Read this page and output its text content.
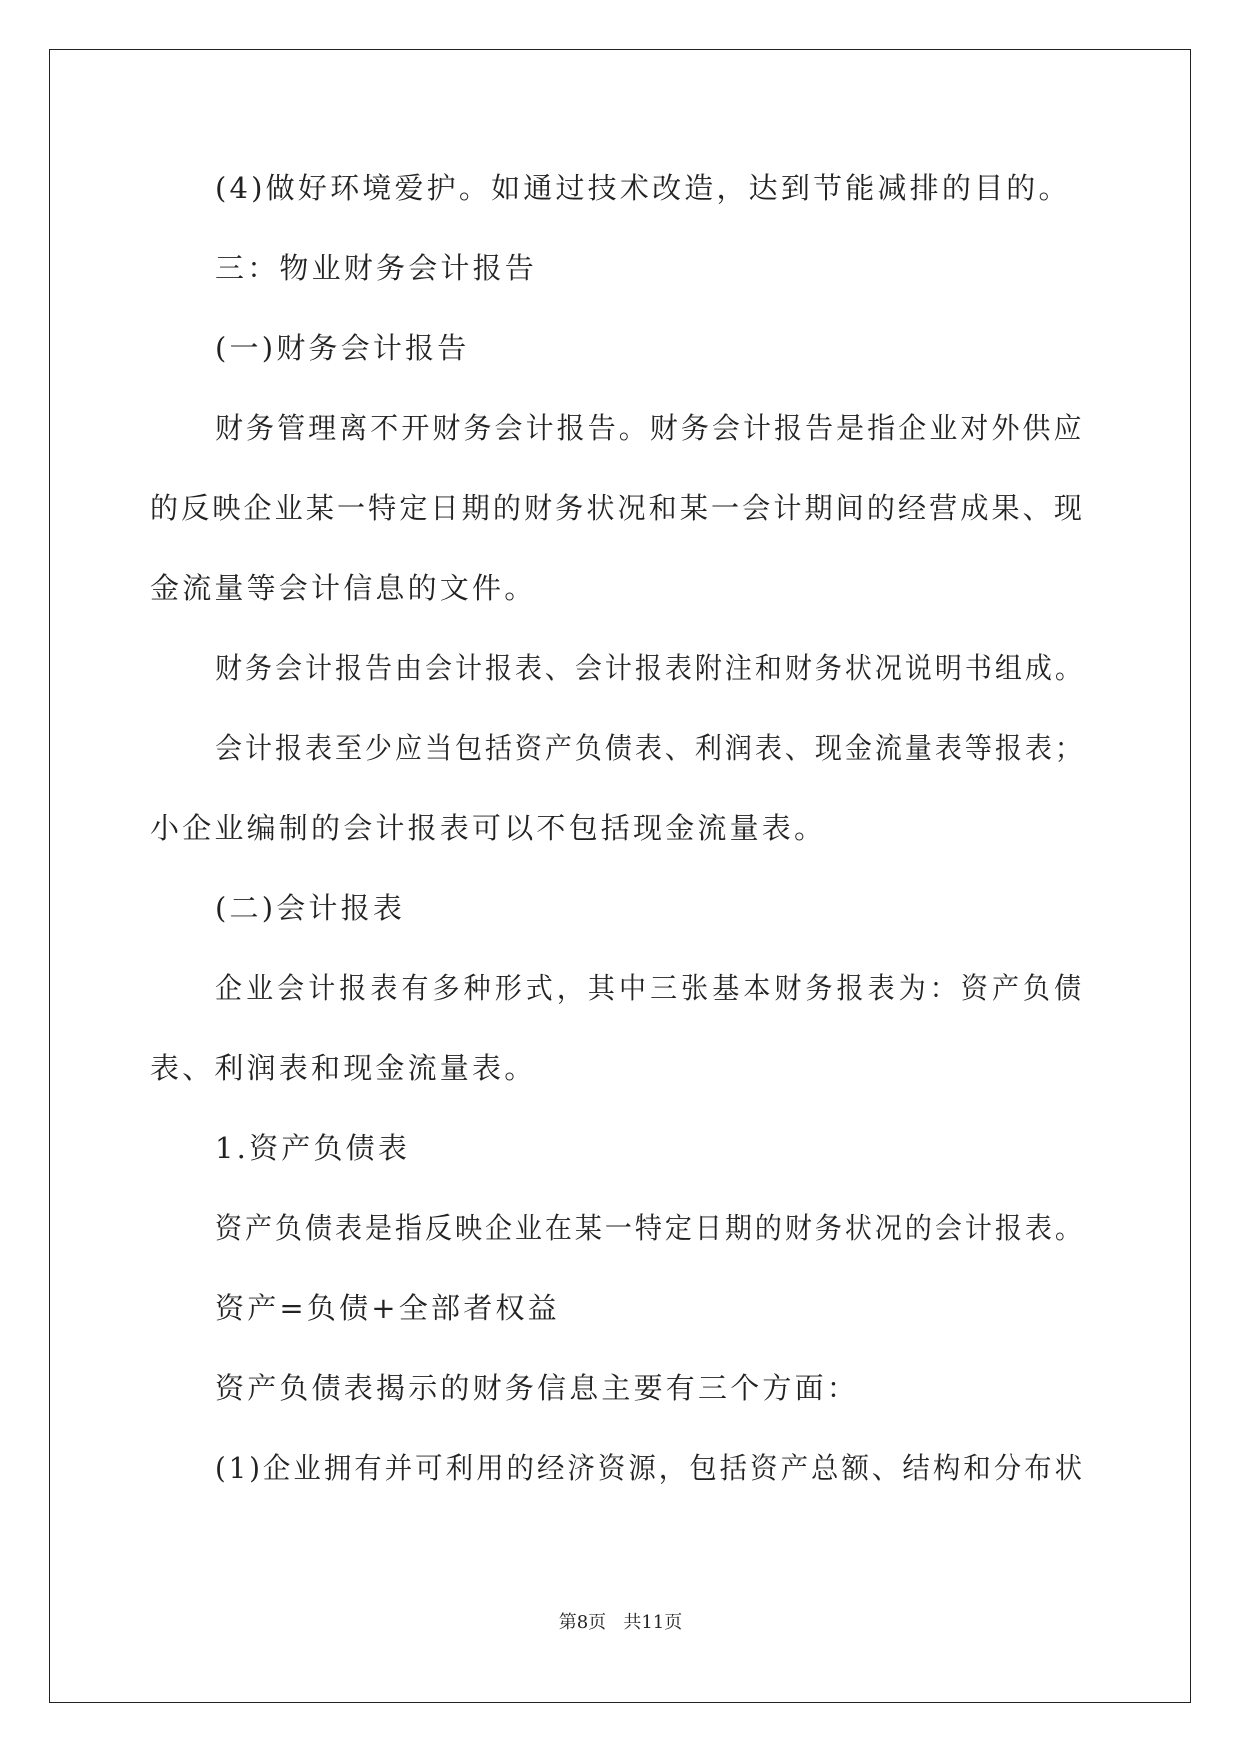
(4)做好环境爱护。如通过技术改造，达到节能减排的目的。

三：物业财务会计报告

(一)财务会计报告

财务管理离不开财务会计报告。财务会计报告是指企业对外供应

的反映企业某一特定日期的财务状况和某一会计期间的经营成果、现

金流量等会计信息的文件。

财务会计报告由会计报表、会计报表附注和财务状况说明书组成。

会计报表至少应当包括资产负债表、利润表、现金流量表等报表；

小企业编制的会计报表可以不包括现金流量表。

(二)会计报表

企业会计报表有多种形式，其中三张基本财务报表为：资产负债

表、利润表和现金流量表。

1.资产负债表

资产负债表是指反映企业在某一特定日期的财务状况的会计报表。

资产=负债+全部者权益

资产负债表揭示的财务信息主要有三个方面：

(1)企业拥有并可利用的经济资源，包括资产总额、结构和分布状

第8页   共11页
